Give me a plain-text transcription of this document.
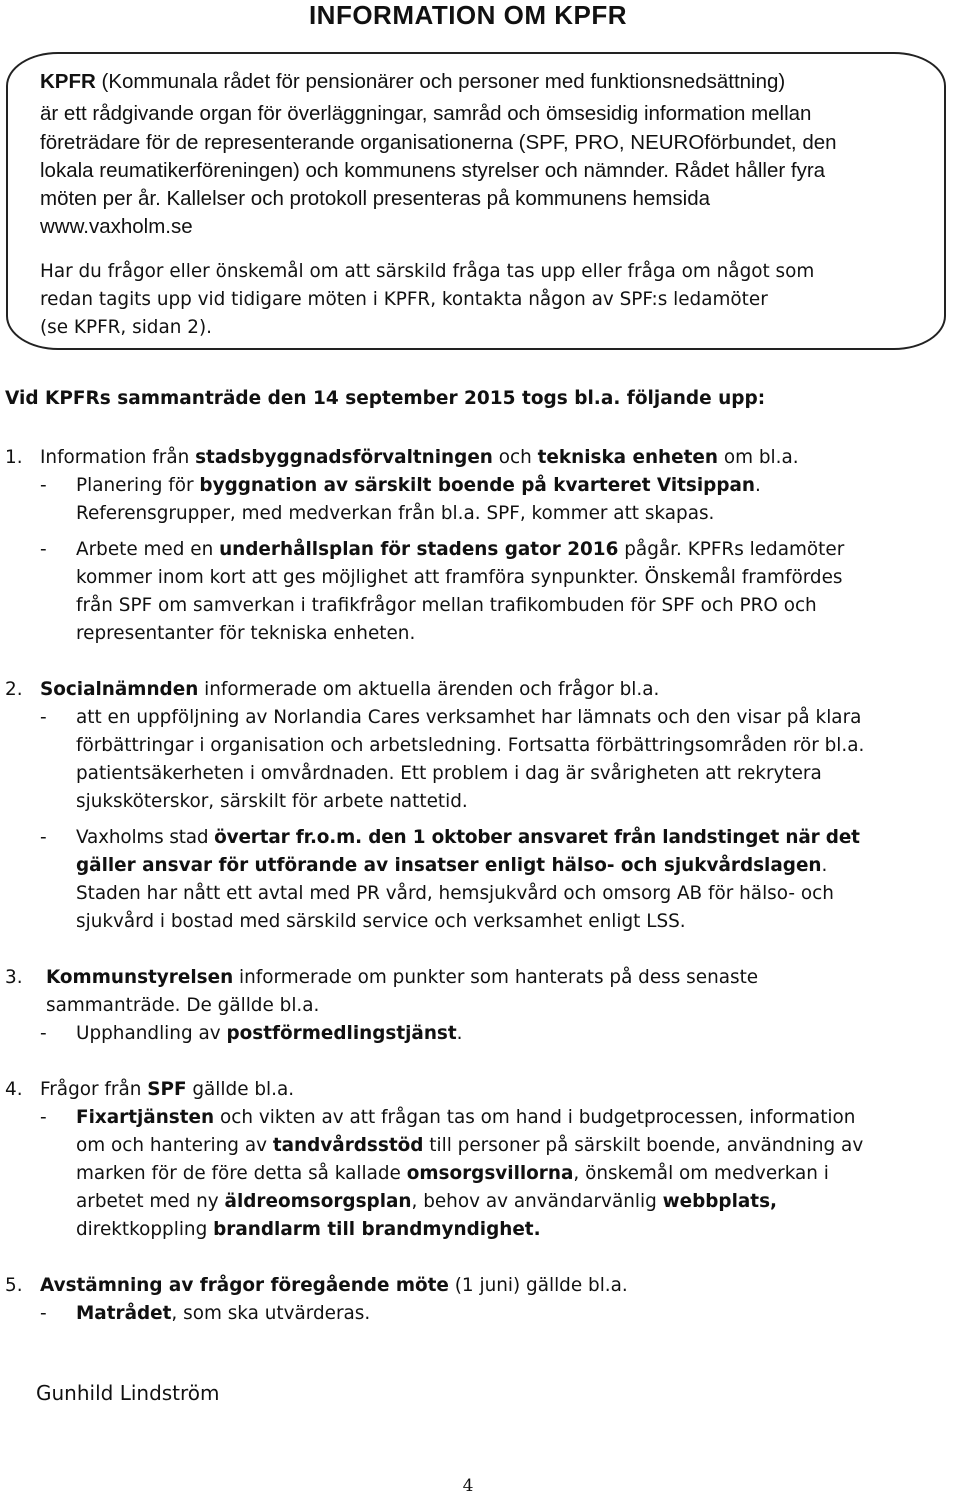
INFORMATION OM KPFR
KPFR (Kommunala rådet för pensionärer och personer med funktionsnedsättning)
är ett rådgivande organ för överläggningar, samråd och ömsesidig information mellan
företrädare för de representerande organisationerna (SPF, PRO, NEUROförbundet, den
lokala reumatikerföreningen) och kommunens styrelser och nämnder. Rådet håller fyra
möten per år. Kallelser och protokoll presenteras på kommunens hemsida
www.vaxholm.se
Har du frågor eller önskemål om att särskild fråga tas upp eller fråga om något som
redan tagits upp vid tidigare möten i KPFR, kontakta någon av SPF:s ledamöter
(se KPFR, sidan 2).
Vid KPFRs sammanträde den 14 september 2015 togs bl.a. följande upp:
1. Information från stadsbyggnadsförvaltningen och tekniska enheten om bl.a.
- Planering för byggnation av särskilt boende på kvarteret Vitsippan.
Referensgrupper, med medverkan från bl.a. SPF, kommer att skapas.
- Arbete med en underhållsplan för stadens gator 2016 pågår. KPFRs ledamöter
kommer inom kort att ges möjlighet att framföra synpunkter. Önskemål framfördes
från SPF om samverkan i trafikfrågor mellan trafikombuden för SPF och PRO och
representanter för tekniska enheten.
2. Socialnämnden informerade om aktuella ärenden och frågor bl.a.
- att en uppföljning av Norlandia Cares verksamhet har lämnats och den visar på klara
förbättringar i organisation och arbetsledning. Fortsatta förbättringsområden rör bl.a.
patientsäkerheten i omvårdnaden. Ett problem i dag är svårigheten att rekrytera
sjuksköterskor, särskilt för arbete nattetid.
- Vaxholms stad övertar fr.o.m. den 1 oktober ansvaret från landstinget när det
gäller ansvar för utförande av insatser enligt hälso- och sjukvårdslagen.
Staden har nått ett avtal med PR vård, hemsjukvård och omsorg AB för hälso- och
sjukvård i bostad med särskild service och verksamhet enligt LSS.
3. Kommunstyrelsen informerade om punkter som hanterats på dess senaste
sammanträde. De gällde bl.a.
- Upphandling av postförmedlingstjänst.
4. Frågor från SPF gällde bl.a.
- Fixartjänsten och vikten av att frågan tas om hand i budgetprocessen, information
om och hantering av tandvårdsstöd till personer på särskilt boende, användning av
marken för de före detta så kallade omsorgsvillorna, önskemål om medverkan i
arbetet med ny äldreomsorgsplan, behov av användarvänlig webbplats,
direktkoppling brandlarm till brandmyndighet.
5. Avstämning av frågor föregående möte (1 juni) gällde bl.a.
- Matrådet, som ska utvärderas.
Gunhild Lindström
4
